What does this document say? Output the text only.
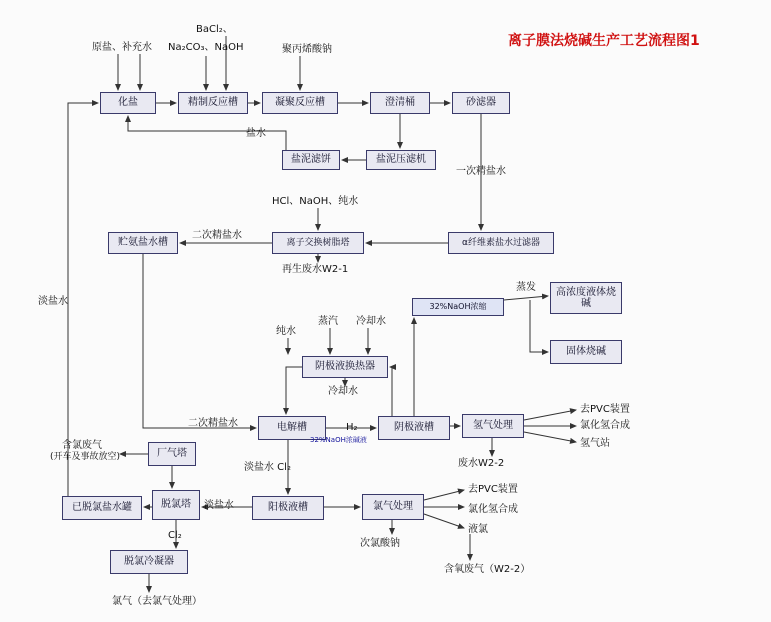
离子膜法烧碱生产工艺流程图1
化盐	精制反应槽	凝聚反应槽	澄清桶	砂滤器
盐泥滤饼	盐泥压滤机
贮氨盐水槽	离子交换树脂塔	α纤维素盐水过滤器
32%NaOH浓缩
高浓度液体烧碱
固体烧碱
阴极液换热器
电解槽	阴极液槽	氢气处理
已脱氯盐水罐	脱氯塔
厂气塔
阳极液槽	氯气处理
脱氯冷凝器
原盐、补充水 Na₂CO₃、NaOH
BaCl₂、
聚丙烯酸钠
盐水
一次精盐水
HCl、NaOH、纯水
二次精盐水
再生废水W2-1
淡盐水
蒸发
纯水
蒸汽 冷却水
冷却水
二次精盐水	H₂
32%NaOH浓碱液
淡盐水 Cl₂
含氯废气
(开车及事故放空)
淡盐水
Cl₂
去PVC装置
氯化氢合成
氢气站
废水W2-2
去PVC装置
氯化氢合成
液氯
次氯酸钠
含氧废气（W2-2）
氯气（去氯气处理）
